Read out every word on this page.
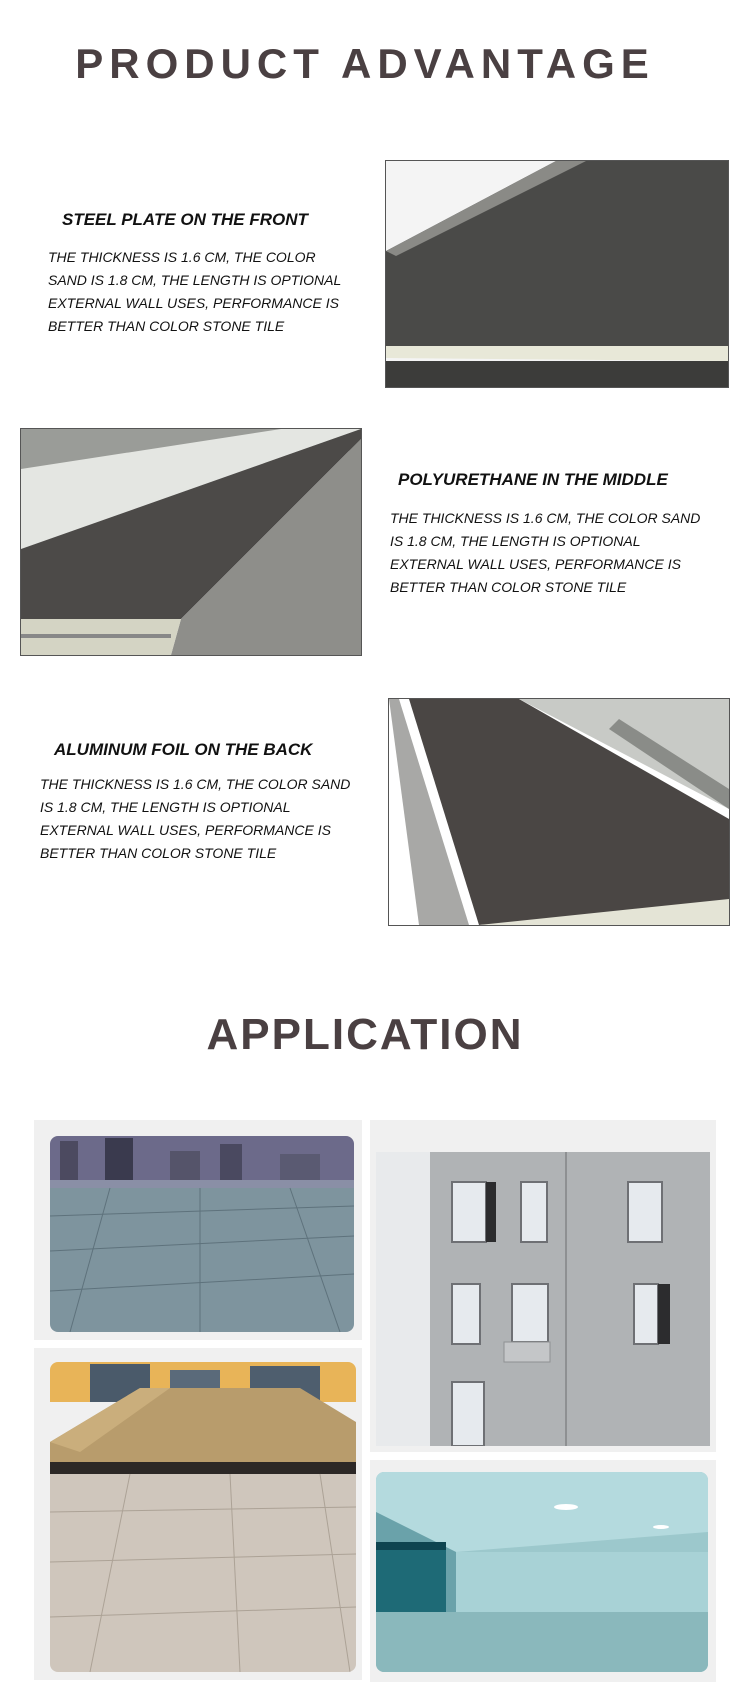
PRODUCT ADVANTAGE
STEEL PLATE ON THE FRONT
THE THICKNESS IS 1.6 CM, THE COLOR
SAND IS 1.8 CM, THE LENGTH IS OPTIONAL
EXTERNAL WALL USES, PERFORMANCE IS
BETTER THAN COLOR STONE TILE
POLYURETHANE IN THE MIDDLE
THE THICKNESS IS 1.6 CM, THE COLOR SAND
IS 1.8 CM, THE LENGTH IS OPTIONAL
EXTERNAL WALL USES, PERFORMANCE IS
BETTER THAN COLOR STONE TILE
ALUMINUM FOIL ON THE BACK
THE THICKNESS IS 1.6 CM, THE COLOR SAND
IS 1.8 CM, THE LENGTH IS OPTIONAL
EXTERNAL WALL USES, PERFORMANCE IS
BETTER THAN COLOR STONE TILE
APPLICATION
